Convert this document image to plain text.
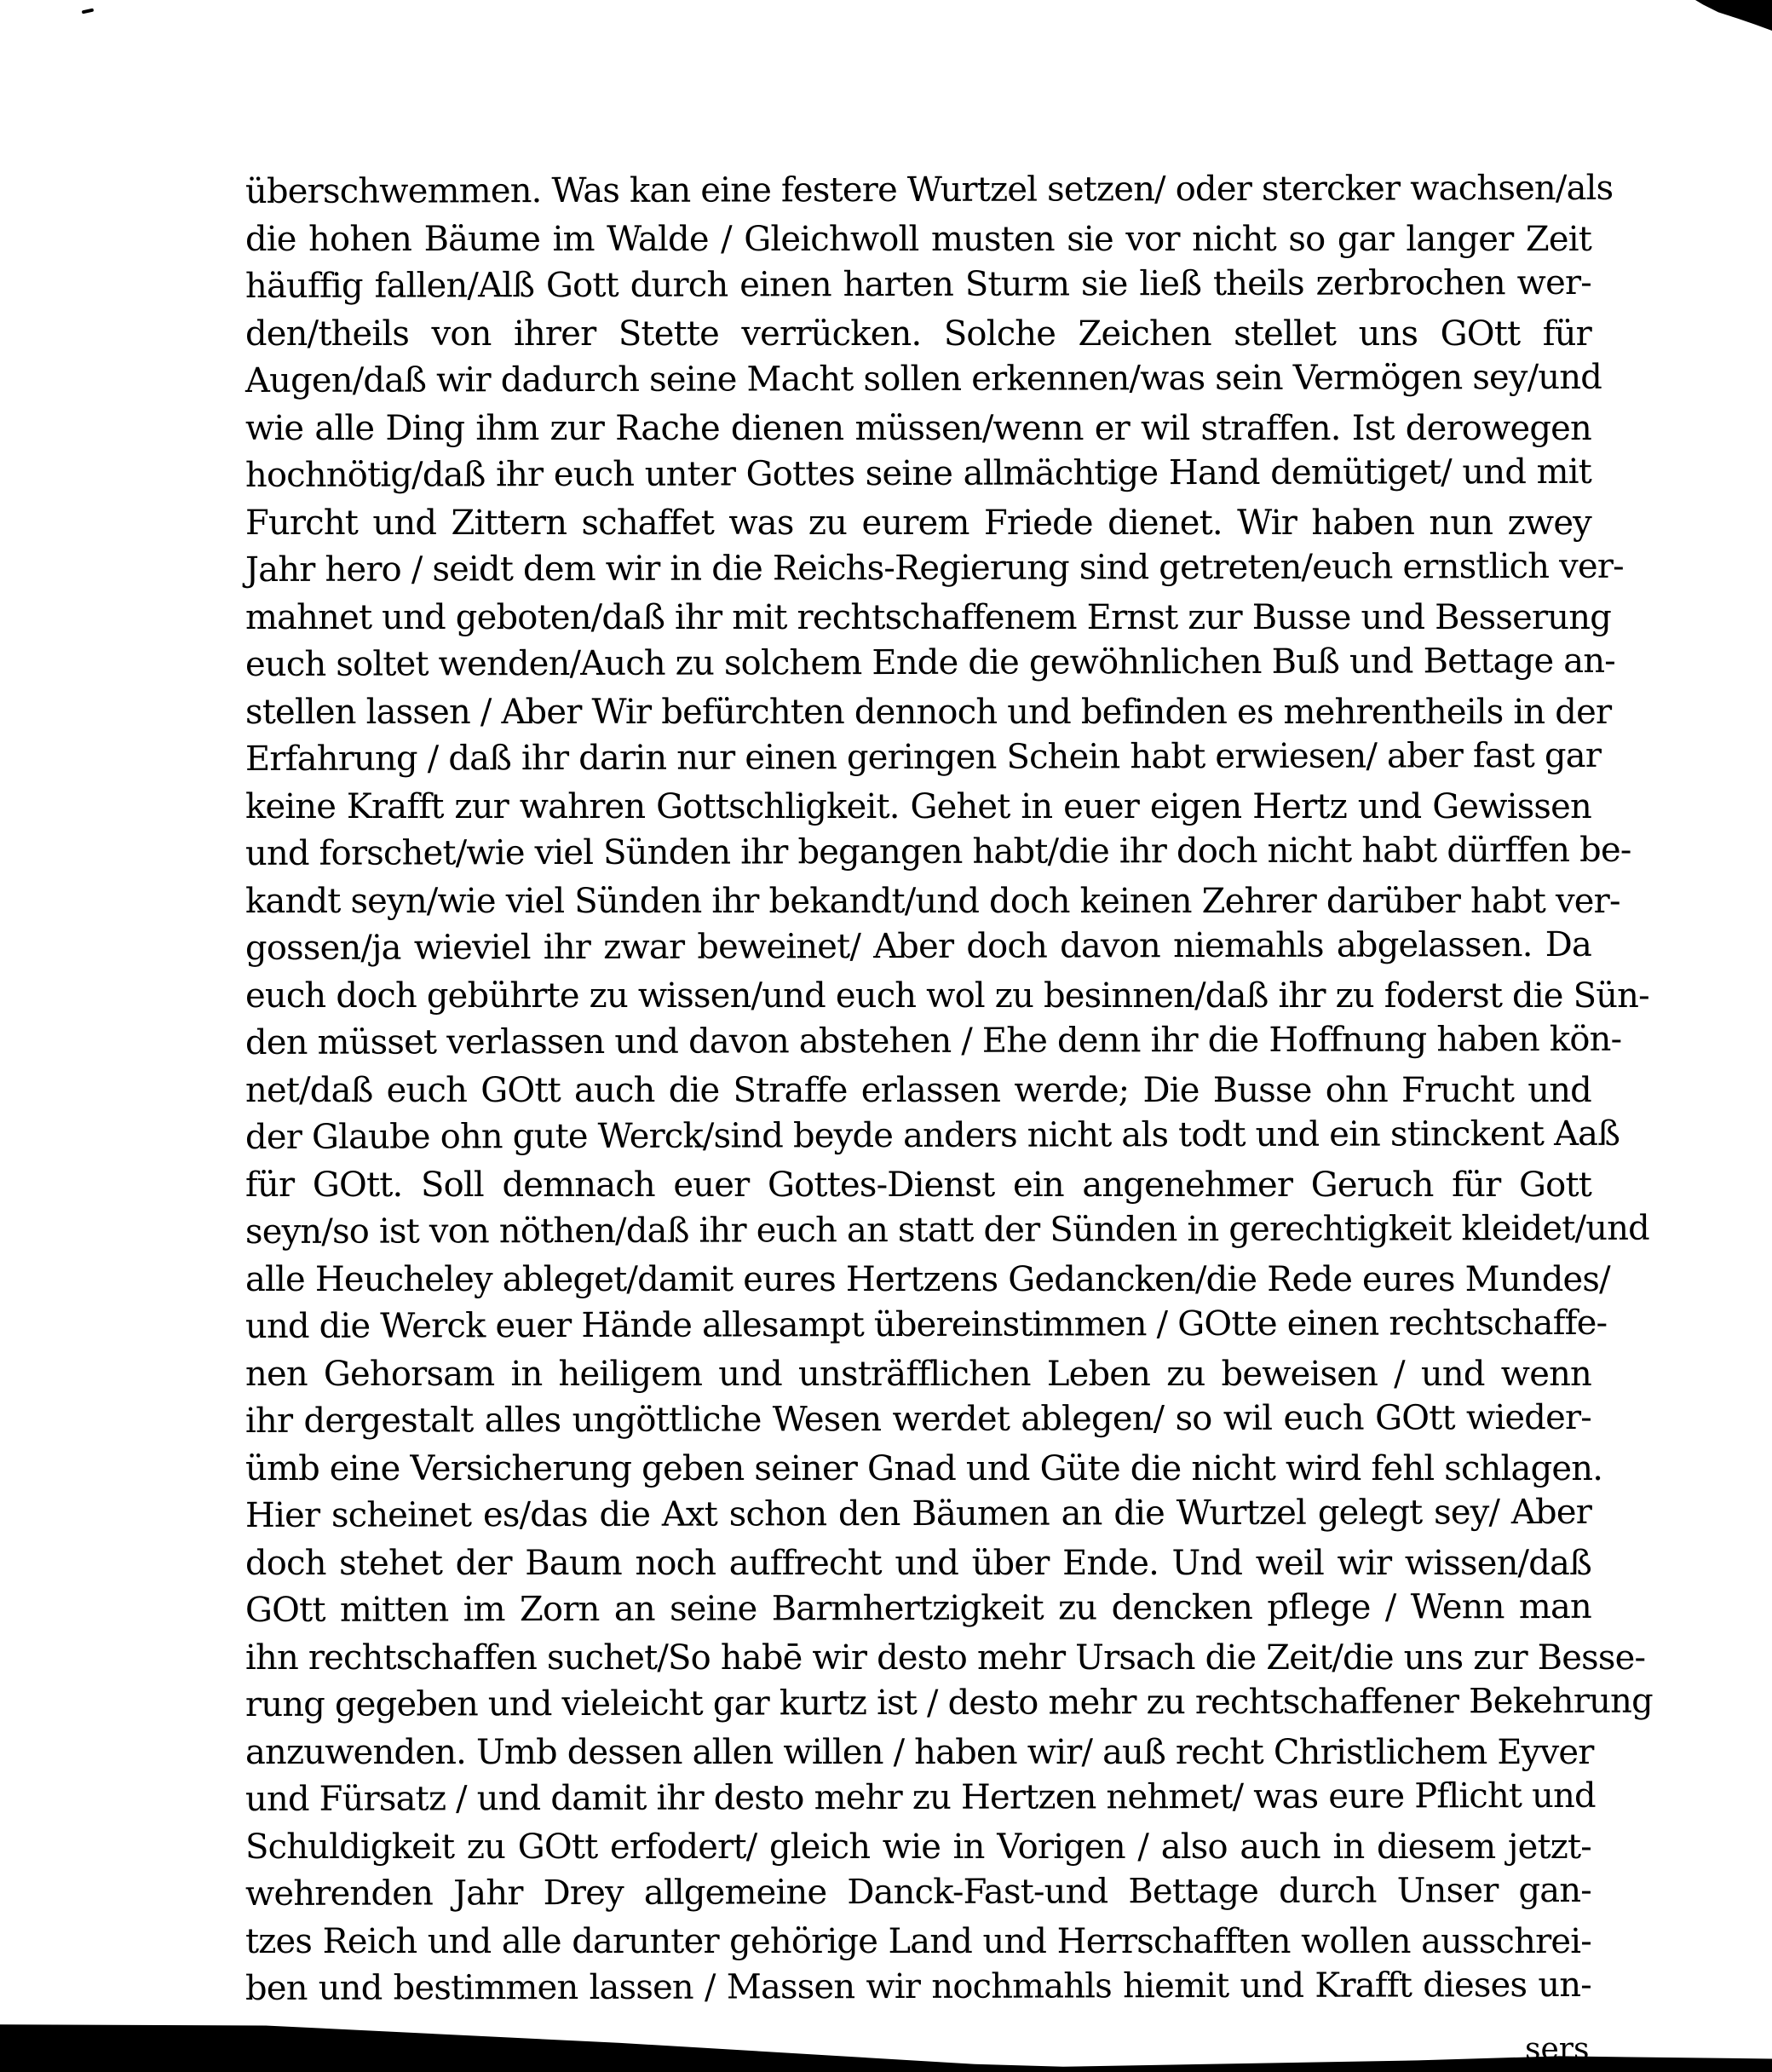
überschwemmen. Was kan eine festere Wurtzel setzen/ oder stercker wachsen/als
die hohen Bäume im Walde / Gleichwoll musten sie vor nicht so gar langer Zeit
häuffig fallen/Alß Gott durch einen harten Sturm sie ließ theils zerbrochen wer-
den/theils von ihrer Stette verrücken. Solche Zeichen stellet uns GOtt für
Augen/daß wir dadurch seine Macht sollen erkennen/was sein Vermögen sey/und
wie alle Ding ihm zur Rache dienen müssen/wenn er wil straffen. Ist derowegen
hochnötig/daß ihr euch unter Gottes seine allmächtige Hand demütiget/ und mit
Furcht und Zittern schaffet was zu eurem Friede dienet. Wir haben nun zwey
Jahr hero / seidt dem wir in die Reichs-Regierung sind getreten/euch ernstlich ver-
mahnet und geboten/daß ihr mit rechtschaffenem Ernst zur Busse und Besserung
euch soltet wenden/Auch zu solchem Ende die gewöhnlichen Buß und Bettage an-
stellen lassen / Aber Wir befürchten dennoch und befinden es mehrentheils in der
Erfahrung / daß ihr darin nur einen geringen Schein habt erwiesen/ aber fast gar
keine Krafft zur wahren Gottschligkeit. Gehet in euer eigen Hertz und Gewissen
und forschet/wie viel Sünden ihr begangen habt/die ihr doch nicht habt dürffen be-
kandt seyn/wie viel Sünden ihr bekandt/und doch keinen Zehrer darüber habt ver-
gossen/ja wieviel ihr zwar beweinet/ Aber doch davon niemahls abgelassen. Da
euch doch gebührte zu wissen/und euch wol zu besinnen/daß ihr zu foderst die Sün-
den müsset verlassen und davon abstehen / Ehe denn ihr die Hoffnung haben kön-
net/daß euch GOtt auch die Straffe erlassen werde; Die Busse ohn Frucht und
der Glaube ohn gute Werck/sind beyde anders nicht als todt und ein stinckent Aaß
für GOtt. Soll demnach euer Gottes-Dienst ein angenehmer Geruch für Gott
seyn/so ist von nöthen/daß ihr euch an statt der Sünden in gerechtigkeit kleidet/und
alle Heucheley ableget/damit eures Hertzens Gedancken/die Rede eures Mundes/
und die Werck euer Hände allesampt übereinstimmen / GOtte einen rechtschaffe-
nen Gehorsam in heiligem und unsträfflichen Leben zu beweisen / und wenn
ihr dergestalt alles ungöttliche Wesen werdet ablegen/ so wil euch GOtt wieder-
ümb eine Versicherung geben seiner Gnad und Güte die nicht wird fehl schlagen.
Hier scheinet es/das die Axt schon den Bäumen an die Wurtzel gelegt sey/ Aber
doch stehet der Baum noch auffrecht und über Ende. Und weil wir wissen/daß
GOtt mitten im Zorn an seine Barmhertzigkeit zu dencken pflege / Wenn man
ihn rechtschaffen suchet/So habē wir desto mehr Ursach die Zeit/die uns zur Besse-
rung gegeben und vieleicht gar kurtz ist / desto mehr zu rechtschaffener Bekehrung
anzuwenden. Umb dessen allen willen / haben wir/ auß recht Christlichem Eyver
und Fürsatz / und damit ihr desto mehr zu Hertzen nehmet/ was eure Pflicht und
Schuldigkeit zu GOtt erfodert/ gleich wie in Vorigen / also auch in diesem jetzt-
wehrenden Jahr Drey allgemeine Danck-Fast-und Bettage durch Unser gan-
tzes Reich und alle darunter gehörige Land und Herrschafften wollen ausschrei-
ben und bestimmen lassen / Massen wir nochmahls hiemit und Krafft dieses un-
sers
